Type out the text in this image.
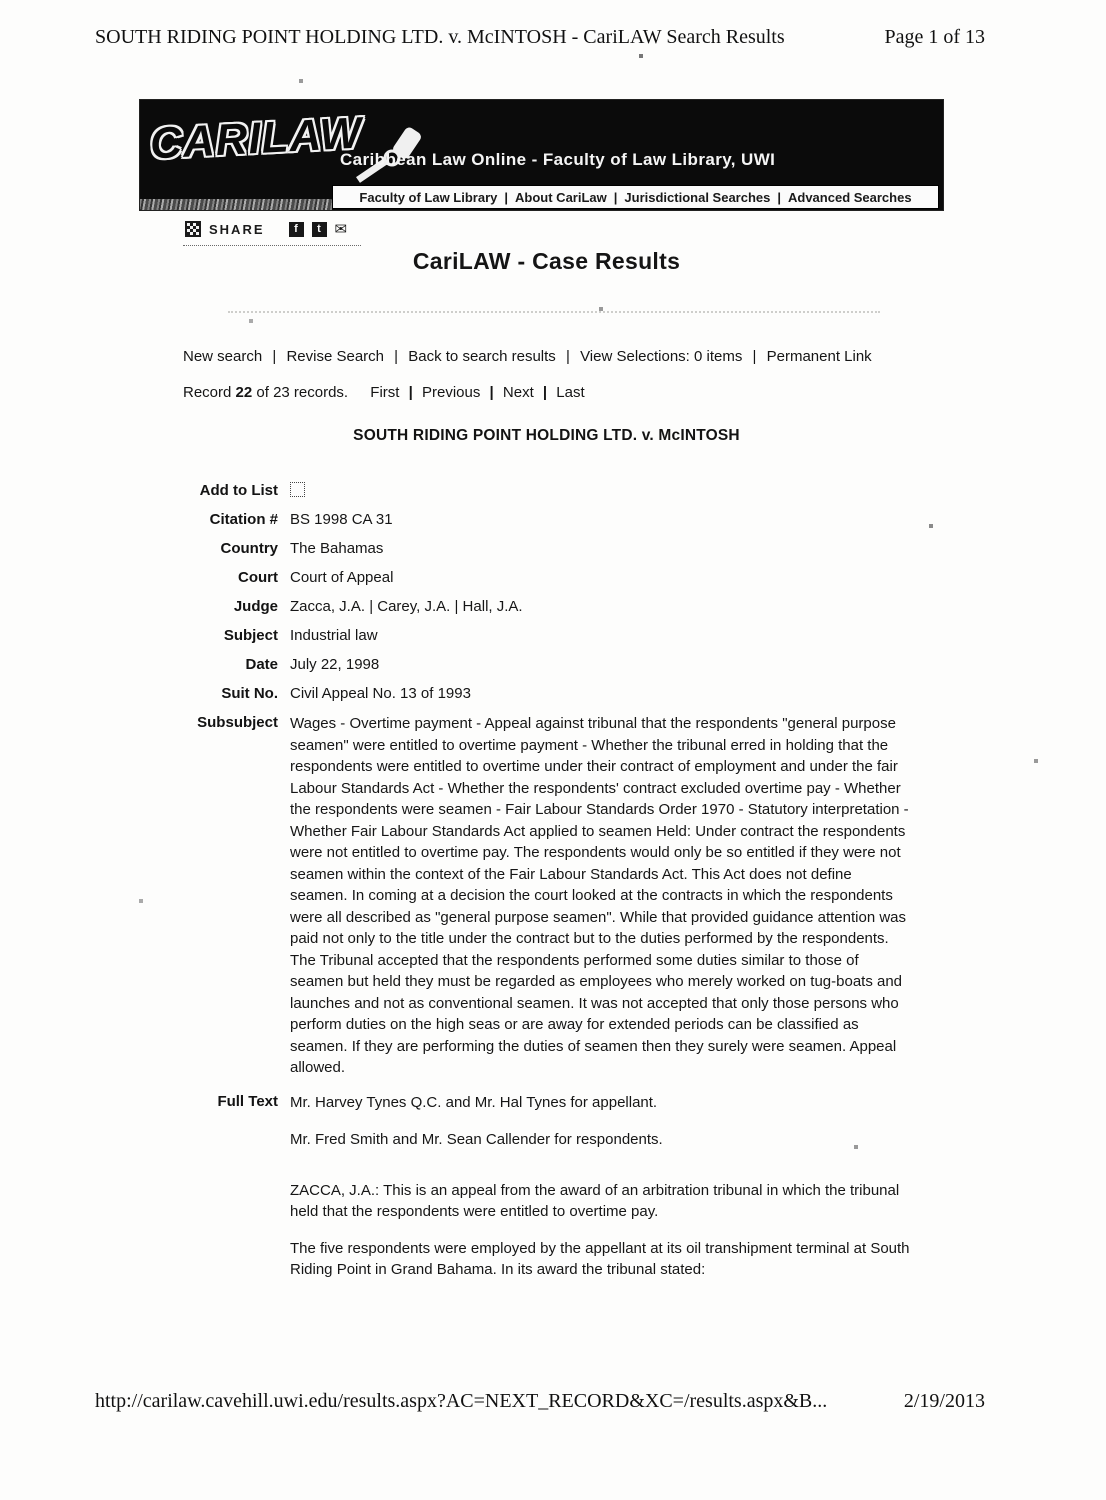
SOUTH RIDING POINT HOLDING LTD. v. McINTOSH - CariLAW Search Results	Page 1 of 13
CARILAW
Caribbean Law Online - Faculty of Law Library, UWI
Faculty of Law Library | About CariLaw | Jurisdictional Searches | Advanced Searches
SHARE	f	t ✉
CariLAW - Case Results
New search | Revise Search | Back to search results | View Selections: 0 items | Permanent Link
Record 22 of 23 records. First | Previous | Next | Last
SOUTH RIDING POINT HOLDING LTD. v. McINTOSH
Add to List
Citation # BS 1998 CA 31
Country The Bahamas
Court Court of Appeal
Judge Zacca, J.A. | Carey, J.A. | Hall, J.A.
Subject Industrial law
Date July 22, 1998
Suit No. Civil Appeal No. 13 of 1993
Subsubject Wages - Overtime payment - Appeal against tribunal that the respondents "general purpose seamen" were entitled to overtime payment - Whether the tribunal erred in holding that the respondents were entitled to overtime under their contract of employment and under the fair Labour Standards Act - Whether the respondents' contract excluded overtime pay - Whether the respondents were seamen - Fair Labour Standards Order 1970 - Statutory interpretation - Whether Fair Labour Standards Act applied to seamen Held: Under contract the respondents were not entitled to overtime pay. The respondents would only be so entitled if they were not seamen within the context of the Fair Labour Standards Act. This Act does not define seamen. In coming at a decision the court looked at the contracts in which the respondents were all described as "general purpose seamen". While that provided guidance attention was paid not only to the title under the contract but to the duties performed by the respondents. The Tribunal accepted that the respondents performed some duties similar to those of seamen but held they must be regarded as employees who merely worked on tug-boats and launches and not as conventional seamen. It was not accepted that only those persons who perform duties on the high seas or are away for extended periods can be classified as seamen. If they are performing the duties of seamen then they surely were seamen. Appeal allowed.
Full Text Mr. Harvey Tynes Q.C. and Mr. Hal Tynes for appellant.

Mr. Fred Smith and Mr. Sean Callender for respondents.

ZACCA, J.A.: This is an appeal from the award of an arbitration tribunal in which the tribunal held that the respondents were entitled to overtime pay.

The five respondents were employed by the appellant at its oil transhipment terminal at South Riding Point in Grand Bahama. In its award the tribunal stated:

http://carilaw.cavehill.uwi.edu/results.aspx?AC=NEXT_RECORD&XC=/results.aspx&B...	2/19/2013
